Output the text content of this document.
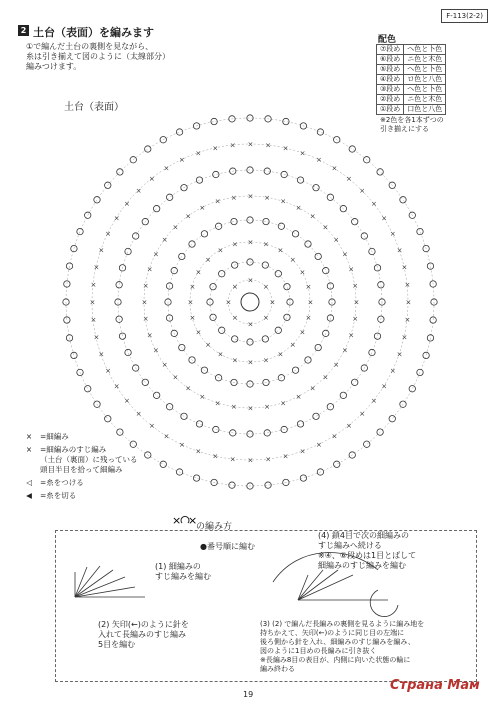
F-113(2-2)
2 土台（表面）を編みます
①で編んだ土台の裏側を見ながら、
糸は引き揃えて図のように（太線部分）
編みつけます。
土台（表面）
配色
⑦段め	へ色と卜色
⑥段め	ニ色と木色
⑤段め	へ色と卜色
④段め	ロ色と八色
③段め	へ色と卜色
②段め	ニ色と木色
①段め	口色と八色
※2色を各1本ずつの
引き揃えにする
×
×
×
×
×
×
×
×
×
×
×
×
×
×
×
×
×
×
×
×
×
×
×
×
×
× × ×
×
×
×
×
×
×
×
×
×
×
×
×
×
×
×
×
×
×
×
×
×
×
×
×
×
×
×
×
×
×
×
×
× × × × ×
×
×
×
×
×
×
×
×
×
×
×
×
×
×
×
×
×
×
×
×
×
×
×
×
×
×
×
×
×
×
×
×
×
×
×
×
×
×
×
×
×
×
×
×
×
×
×
× × × × ×
×
×
×
×
×
×
×
×
×
×
×
×	=細編み
×	=細編みのすじ編み
（土台（裏面）に残っている
頭目半目を拾って細編み
◁	=糸をつける
◀	=糸を切る
× ×
の編み方
●番号順に編む
(1) 細編みの
すじ編みを編む
(2) 矢印(←)のように針を
入れて長編みのすじ編み
5目を編む
(4) 鎖4目で次の細編みの
すじ編みへ続ける
※④、⑥段めは1目とばして
細編みのすじ編みを編む
(3) (2) で編んだ長編みの裏側を見るように編み地を
持ちかえて、矢印(←)のように同じ目の左端に
後ろ側から針を入れ、細編みのすじ編みを編み、
図のように1目めの長編みに引き抜く
※長編み8目の表目が、内側に向いた状態の輪に
編み終わる
19
Страна Мам
